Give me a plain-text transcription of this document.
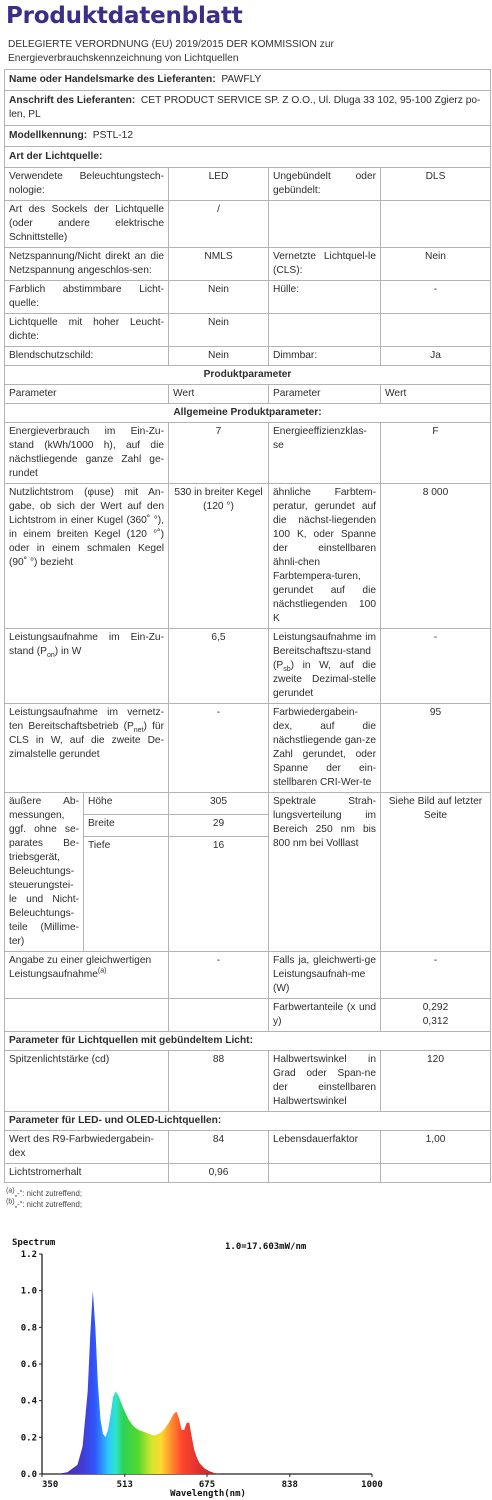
Produktdatenblatt
DELEGIERTE VERORDNUNG (EU) 2019/2015 DER KOMMISSION zur Energieverbrauchskennzeichnung von Lichtquellen
Name oder Handelsmarke des Lieferanten: PAWFLY				
Anschrift des Lieferanten: CET PRODUCT SERVICE SP. Z O.O., Ul. Dluga 33 102, 95-100 Zgierz po-len, PL				
Modellkennung: PSTL-12				
Art der Lichtquelle:				
Verwendete Beleuchtungstech-nologie:		LED	Ungebündelt oder gebündelt:	DLS
Art des Sockels der Lichtquelle (oder andere elektrische Schnittstelle)		/		
Netzspannung/Nicht direkt an die Netzspannung angeschlos-sen:		NMLS	Vernetzte Lichtquel-le (CLS):	Nein
Farblich abstimmbare Licht-quelle:		Nein	Hülle:	-
Lichtquelle mit hoher Leucht-dichte:		Nein		
Blendschutzschild:		Nein	Dimmbar:	Ja
Produktparameter				
Parameter		Wert	Parameter	Wert
Allgemeine Produktparameter:				
Energieverbrauch im Ein-Zu-stand (kWh/1000 h), auf die nächstliegende ganze Zahl ge-rundet		7	Energieeffizienzklas-se	F
Nutzlichtstrom (φuse) mit An-gabe, ob sich der Wert auf den Lichtstrom in einer Kugel (360˚ °), in einem breiten Kegel (120 °˚) oder in einem schmalen Kegel (90˚ °) bezieht		530 in breiter Kegel (120 °)	ähnliche Farbtem-peratur, gerundet auf die nächst-liegenden 100 K, oder Spanne der einstellbaren ähnli-chen Farbtempera-turen, gerundet auf die nächstliegenden 100 K	8 000
Leistungsaufnahme im Ein-Zu-stand $(P_{on})$ in W		6,5	Leistungsaufnahme im Bereitschaftszu-stand $(P_{sb})$ in W, auf die zweite Dezimal-stelle gerundet	-
Leistungsaufnahme im vernetz-ten Bereitschaftsbetrieb $(P_{net})$ für CLS in W, auf die zweite De-zimalstelle gerundet		-	Farbwiedergabein-dex, auf die nächstliegende gan-ze Zahl gerundet, oder Spanne der ein-stellbaren CRI-Wer-te	95
äußere Ab-messungen, ggf. ohne se-parates Be-triebsgerät, Beleuchtungs-steuerungstei-le und Nicht-Beleuchtungs-teile (Millime-ter)	Höhe	305	Spektrale Strah-lungsverteilung im Bereich 250 nm bis 800 nm bei Volllast	Siehe Bild auf letzter Seite
	Breite	29		
	Tiefe	16		
Angabe zu einer gleichwertigen Leistungsaufnahme$^{(a)}$		-	Falls ja, gleichwerti-ge Leistungsaufnah-me (W)	-
			Farbwertanteile (x und y)	0,292
0,312
Parameter für Lichtquellen mit gebündeltem Licht:				
Spitzenlichtstärke (cd)		88	Halbwertswinkel in Grad oder Span-ne der einstellbaren Halbwertswinkel	120
Parameter für LED- und OLED-Lichtquellen:				
Wert des R9-Farbwiedergabein-dex		84	Lebensdauerfaktor	1,00
Lichtstromerhalt		0,96		
$^{(a)}$„-“: nicht zutreffend;
$^{(b)}$„-“: nicht zutreffend;
Spectrum	1.0=17.603mW/nm
0.0
0.2
0.4
0.6
0.8
1.0
1.2
350	513	675	838	1000
Wavelength(nm)
